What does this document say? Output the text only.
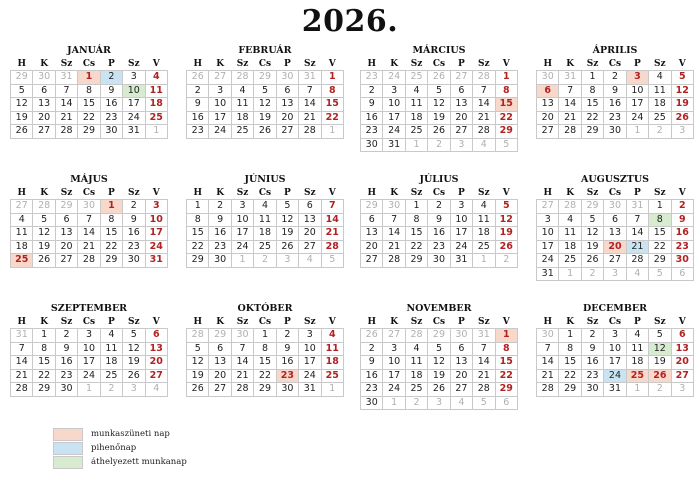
2026.
JANUÁR
H	K	Sz	Cs	P	Sz	V
29	30	31	1	2	3	4
5	6	7	8	9	10	11
12	13	14	15	16	17	18
19	20	21	22	23	24	25
26	27	28	29	30	31	1
FEBRUÁR
H	K	Sz	Cs	P	Sz	V
26	27	28	29	30	31	1
2	3	4	5	6	7	8
9	10	11	12	13	14	15
16	17	18	19	20	21	22
23	24	25	26	27	28	1
MÁRCIUS
H	K	Sz	Cs	P	Sz	V
23	24	25	26	27	28	1
2	3	4	5	6	7	8
9	10	11	12	13	14	15
16	17	18	19	20	21	22
23	24	25	26	27	28	29
30	31	1	2	3	4	5
ÁPRILIS
H	K	Sz	Cs	P	Sz	V
30	31	1	2	3	4	5
6	7	8	9	10	11	12
13	14	15	16	17	18	19
20	21	22	23	24	25	26
27	28	29	30	1	2	3
MÁJUS
H	K	Sz	Cs	P	Sz	V
27	28	29	30	1	2	3
4	5	6	7	8	9	10
11	12	13	14	15	16	17
18	19	20	21	22	23	24
25	26	27	28	29	30	31
JÚNIUS
H	K	Sz	Cs	P	Sz	V
1	2	3	4	5	6	7
8	9	10	11	12	13	14
15	16	17	18	19	20	21
22	23	24	25	26	27	28
29	30	1	2	3	4	5
JÚLIUS
H	K	Sz	Cs	P	Sz	V
29	30	1	2	3	4	5
6	7	8	9	10	11	12
13	14	15	16	17	18	19
20	21	22	23	24	25	26
27	28	29	30	31	1	2
AUGUSZTUS
H	K	Sz	Cs	P	Sz	V
27	28	29	30	31	1	2
3	4	5	6	7	8	9
10	11	12	13	14	15	16
17	18	19	20	21	22	23
24	25	26	27	28	29	30
31	1	2	3	4	5	6
SZEPTEMBER
H	K	Sz	Cs	P	Sz	V
31	1	2	3	4	5	6
7	8	9	10	11	12	13
14	15	16	17	18	19	20
21	22	23	24	25	26	27
28	29	30	1	2	3	4
OKTÓBER
H	K	Sz	Cs	P	Sz	V
28	29	30	1	2	3	4
5	6	7	8	9	10	11
12	13	14	15	16	17	18
19	20	21	22	23	24	25
26	27	28	29	30	31	1
NOVEMBER
H	K	Sz	Cs	P	Sz	V
26	27	28	29	30	31	1
2	3	4	5	6	7	8
9	10	11	12	13	14	15
16	17	18	19	20	21	22
23	24	25	26	27	28	29
30	1	2	3	4	5	6
DECEMBER
H	K	Sz	Cs	P	Sz	V
30	1	2	3	4	5	6
7	8	9	10	11	12	13
14	15	16	17	18	19	20
21	22	23	24	25	26	27
28	29	30	31	1	2	3
munkaszüneti nap
pihenőnap
áthelyezett munkanap
